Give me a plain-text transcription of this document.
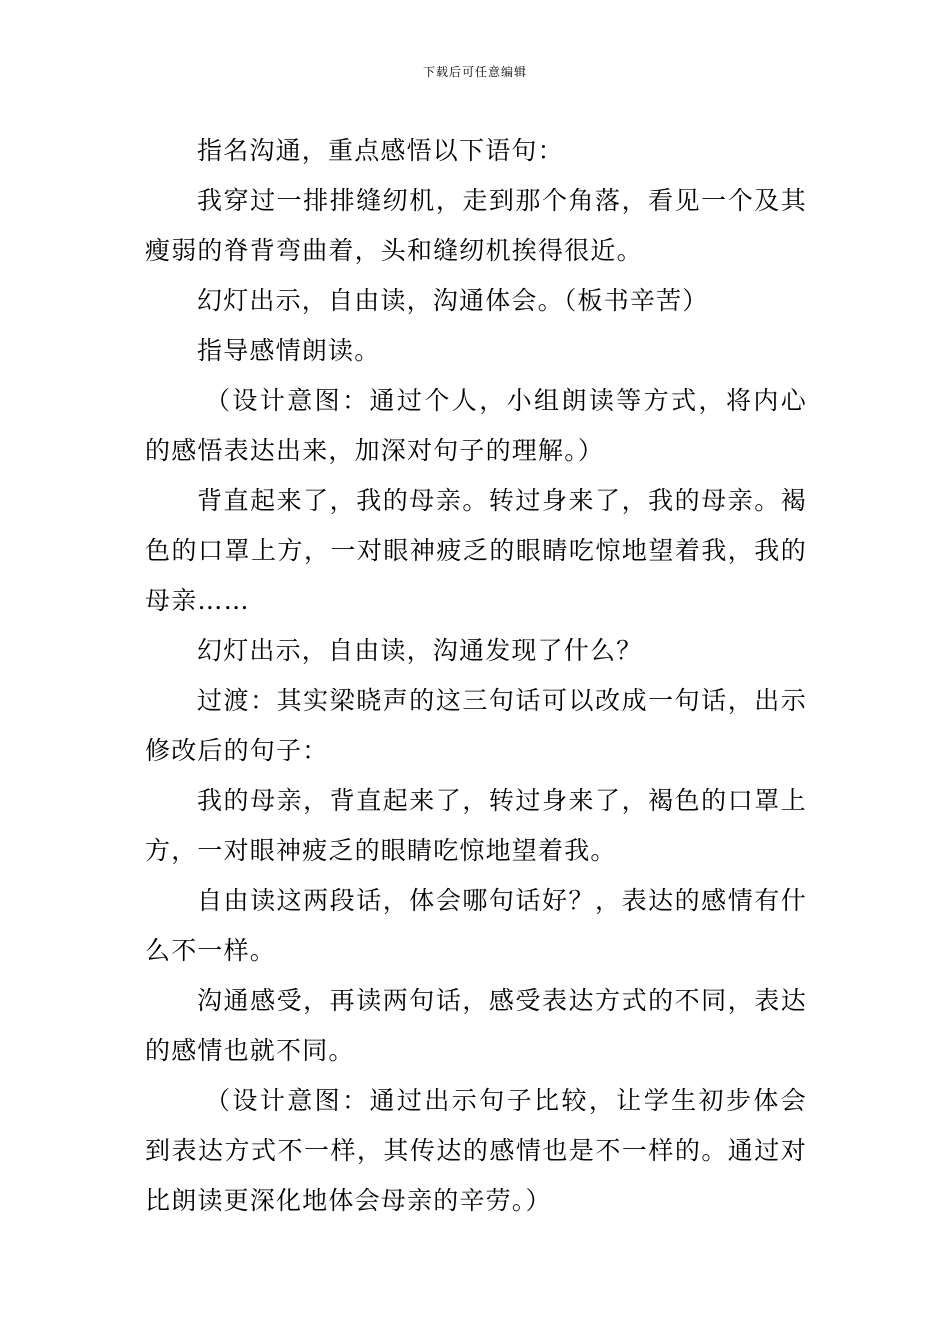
下载后可任意编辑

指名沟通，重点感悟以下语句：

我穿过一排排缝纫机，走到那个角落，看见一个及其瘦弱的脊背弯曲着，头和缝纫机挨得很近。

幻灯出示，自由读，沟通体会。（板书辛苦）

指导感情朗读。

（设计意图：通过个人，小组朗读等方式，将内心的感悟表达出来，加深对句子的理解。）

背直起来了，我的母亲。转过身来了，我的母亲。褐色的口罩上方，一对眼神疲乏的眼睛吃惊地望着我，我的母亲……

幻灯出示，自由读，沟通发现了什么？

过渡：其实梁晓声的这三句话可以改成一句话，出示修改后的句子：

我的母亲，背直起来了，转过身来了，褐色的口罩上方，一对眼神疲乏的眼睛吃惊地望着我。

自由读这两段话，体会哪句话好？，表达的感情有什么不一样。

沟通感受，再读两句话，感受表达方式的不同，表达的感情也就不同。

（设计意图：通过出示句子比较，让学生初步体会到表达方式不一样，其传达的感情也是不一样的。通过对比朗读更深化地体会母亲的辛劳。）
